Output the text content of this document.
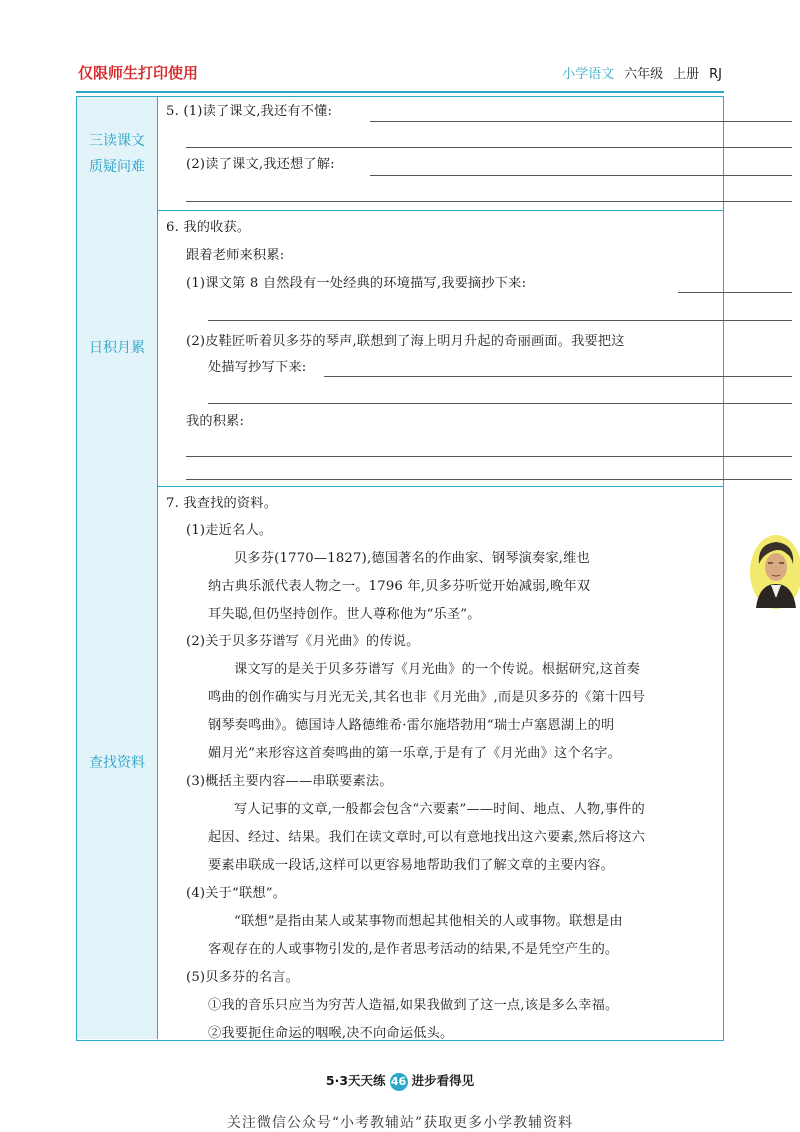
仅限师生打印使用	小学语文 六年级 上册 RJ
三读课文
质疑问难
5. (1)读了课文,我还有不懂:
(2)读了课文,我还想了解:
日积月累
6. 我的收获。
跟着老师来积累:
(1)课文第 8 自然段有一处经典的环境描写,我要摘抄下来:
(2)皮鞋匠听着贝多芬的琴声,联想到了海上明月升起的奇丽画面。我要把这
处描写抄写下来:
我的积累:
查找资料
7. 我查找的资料。
(1)走近名人。
贝多芬(1770—1827),德国著名的作曲家、钢琴演奏家,维也
纳古典乐派代表人物之一。1796 年,贝多芬听觉开始减弱,晚年双
耳失聪,但仍坚持创作。世人尊称他为“乐圣”。
(2)关于贝多芬谱写《月光曲》的传说。
课文写的是关于贝多芬谱写《月光曲》的一个传说。根据研究,这首奏
鸣曲的创作确实与月光无关,其名也非《月光曲》,而是贝多芬的《第十四号
钢琴奏鸣曲》。德国诗人路德维希·雷尔施塔勃用“瑞士卢塞恩湖上的明
媚月光”来形容这首奏鸣曲的第一乐章,于是有了《月光曲》这个名字。
(3)概括主要内容——串联要素法。
写人记事的文章,一般都会包含“六要素”——时间、地点、人物,事件的
起因、经过、结果。我们在读文章时,可以有意地找出这六要素,然后将这六
要素串联成一段话,这样可以更容易地帮助我们了解文章的主要内容。
(4)关于“联想”。
“联想”是指由某人或某事物而想起其他相关的人或事物。联想是由
客观存在的人或事物引发的,是作者思考活动的结果,不是凭空产生的。
(5)贝多芬的名言。
①我的音乐只应当为穷苦人造福,如果我做到了这一点,该是多么幸福。
②我要扼住命运的咽喉,决不向命运低头。
5·3天天练 46 进步看得见
关注微信公众号“小考教辅站”获取更多小学教辅资料
